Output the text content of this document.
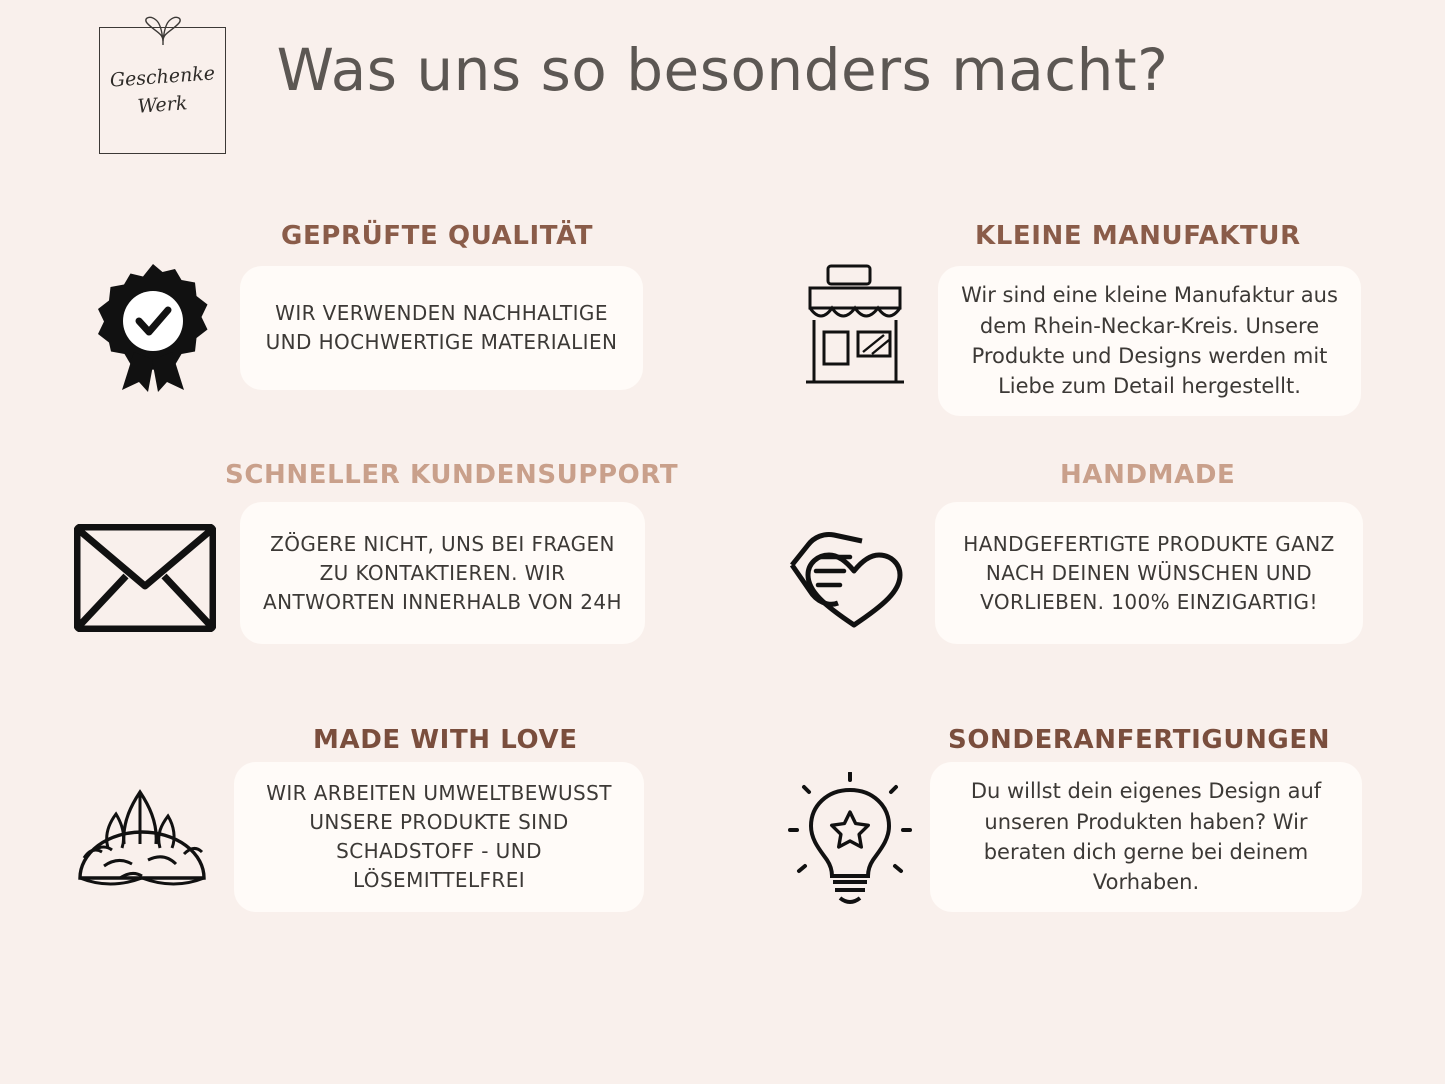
Geschenke
Werk
Was uns so besonders macht?
GEPRÜFTE QUALITÄT

WIR VERWENDEN NACHHALTIGE UND HOCHWERTIGE MATERIALIEN

KLEINE MANUFAKTUR

Wir sind eine kleine Manufaktur aus dem Rhein-Neckar-Kreis. Unsere Produkte und Designs werden mit Liebe zum Detail hergestellt.

SCHNELLER KUNDENSUPPORT

ZÖGERE NICHT, UNS BEI FRAGEN ZU KONTAKTIEREN. WIR ANTWORTEN INNERHALB VON 24H

HANDMADE

HANDGEFERTIGTE PRODUKTE GANZ NACH DEINEN WÜNSCHEN UND VORLIEBEN. 100% EINZIGARTIG!

MADE WITH LOVE

WIR ARBEITEN UMWELTBEWUSST UNSERE PRODUKTE SIND SCHADSTOFF - UND LÖSEMITTELFREI

SONDERANFERTIGUNGEN

Du willst dein eigenes Design auf unseren Produkten haben? Wir beraten dich gerne bei deinem Vorhaben.
